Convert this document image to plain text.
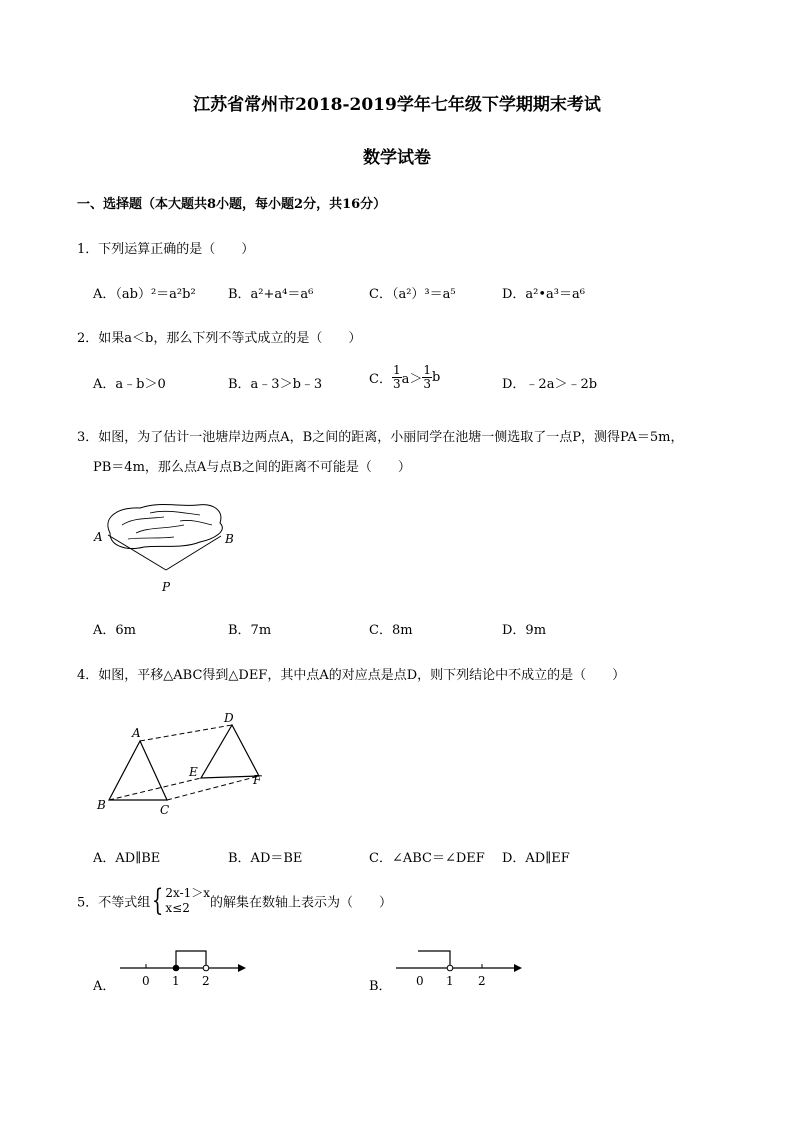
江苏省常州市2018-2019学年七年级下学期期末考试
数学试卷
一、选择题（本大题共8小题，每小题2分，共16分）
1．下列运算正确的是（　　）
A．（ab）²＝a²b² B．a²+a⁴＝a⁶	C．（a²）³＝a⁵	D．a²•a³＝a⁶
2．如果a＜b，那么下列不等式成立的是（　　）
A．a﹣b＞0	B．a﹣3＞b﹣3	C． $\frac{1}{3} a> \frac{1}{3}$ b	D．﹣2a＞﹣2b
3．如图，为了估计一池塘岸边两点A，B之间的距离，小丽同学在池塘一侧选取了一点P，测得PA＝5m，
PB＝4m，那么点A与点B之间的距离不可能是（　　）
A	B
P
A．6m	B．7m	C．8m	D．9m
4．如图，平移△ABC得到△DEF，其中点A的对应点是点D，则下列结论中不成立的是（　　）
A
B	C
D
E
F
A．AD∥BE	B．AD＝BE	C．∠ABC＝∠DEF D．AD∥EF
5．不等式组{ 2x-1＞x
x≤2	的解集在数轴上表示为（　　）
A． 0 1 2	B． 0 1 2
